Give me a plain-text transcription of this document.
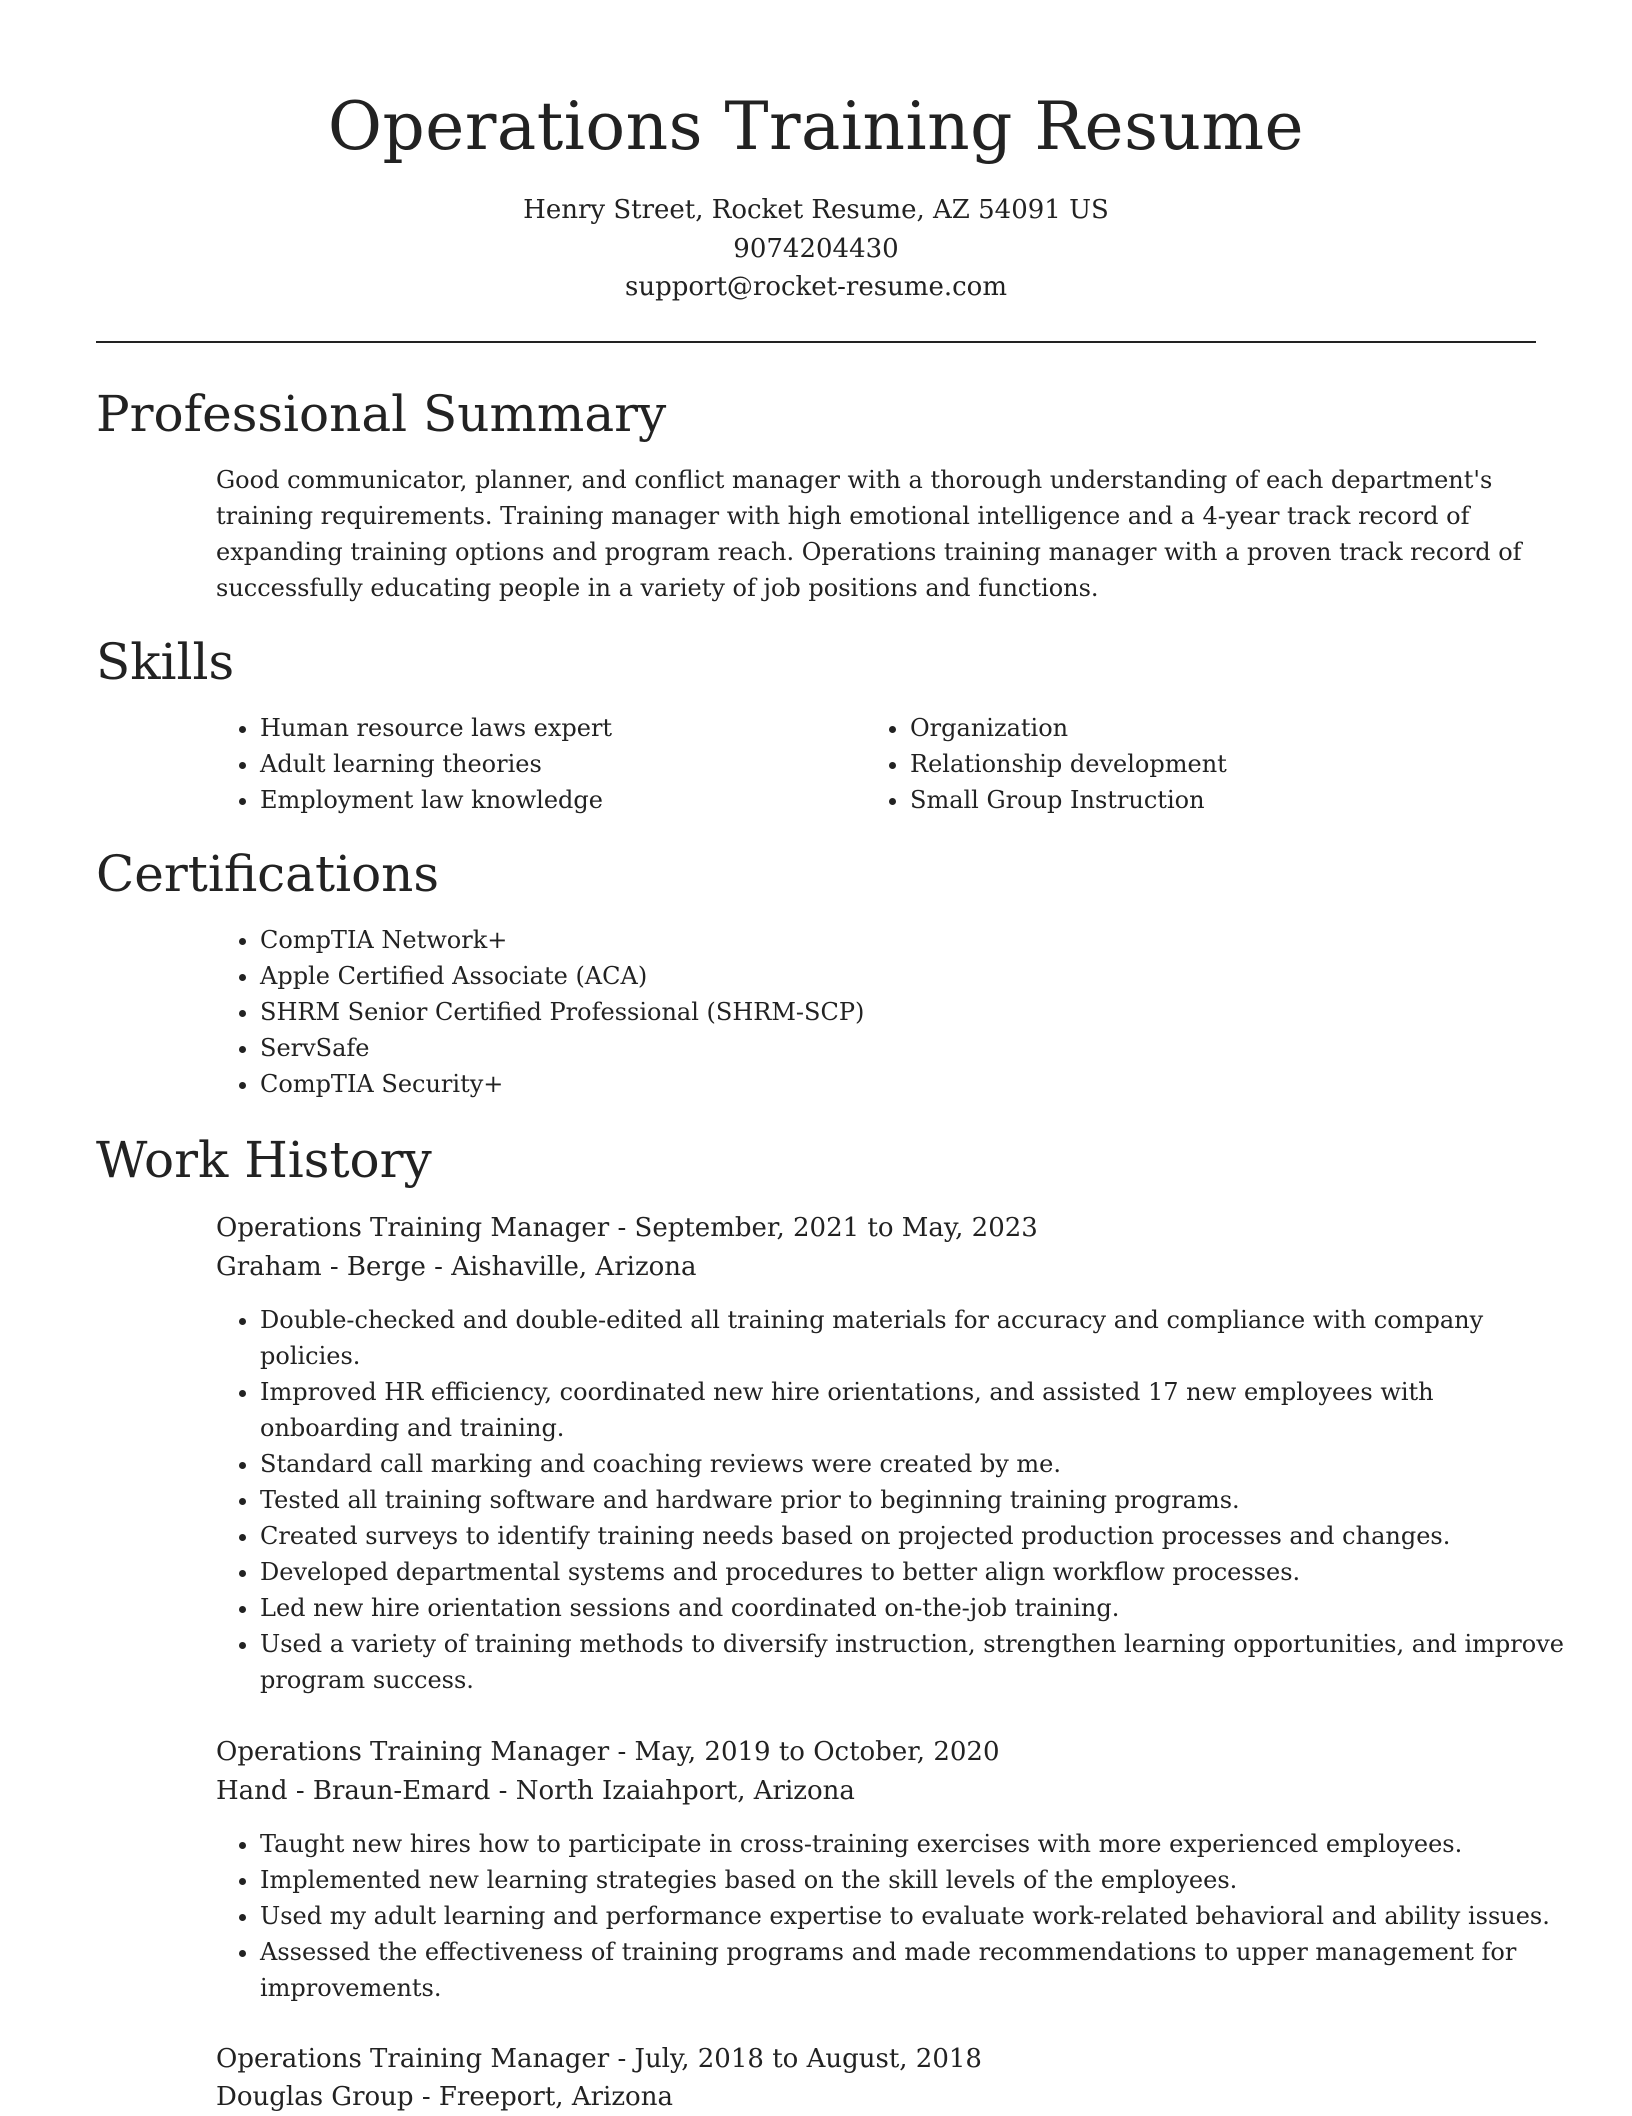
Operations Training Resume
Henry Street, Rocket Resume, AZ 54091 US
9074204430
support@rocket-resume.com
Professional Summary

Good communicator, planner, and conflict manager with a thorough understanding of each department's training requirements. Training manager with high emotional intelligence and a 4-year track record of expanding training options and program reach. Operations training manager with a proven track record of successfully educating people in a variety of job positions and functions.

Skills
• Human resource laws expert
• Adult learning theories
• Employment law knowledge
• Organization
• Relationship development
• Small Group Instruction
Certifications
• CompTIA Network+
• Apple Certified Associate (ACA)
• SHRM Senior Certified Professional (SHRM-SCP)
• ServSafe
• CompTIA Security+
Work History
Operations Training Manager - September, 2021 to May, 2023
Graham - Berge - Aishaville, Arizona
• Double-checked and double-edited all training materials for accuracy and compliance with company policies.
• Improved HR efficiency, coordinated new hire orientations, and assisted 17 new employees with onboarding and training.
• Standard call marking and coaching reviews were created by me.
• Tested all training software and hardware prior to beginning training programs.
• Created surveys to identify training needs based on projected production processes and changes.
• Developed departmental systems and procedures to better align workflow processes.
• Led new hire orientation sessions and coordinated on-the-job training.
• Used a variety of training methods to diversify instruction, strengthen learning opportunities, and improve program success.
Operations Training Manager - May, 2019 to October, 2020
Hand - Braun-Emard - North Izaiahport, Arizona
• Taught new hires how to participate in cross-training exercises with more experienced employees.
• Implemented new learning strategies based on the skill levels of the employees.
• Used my adult learning and performance expertise to evaluate work-related behavioral and ability issues.
• Assessed the effectiveness of training programs and made recommendations to upper management for improvements.
Operations Training Manager - July, 2018 to August, 2018
Douglas Group - Freeport, Arizona
